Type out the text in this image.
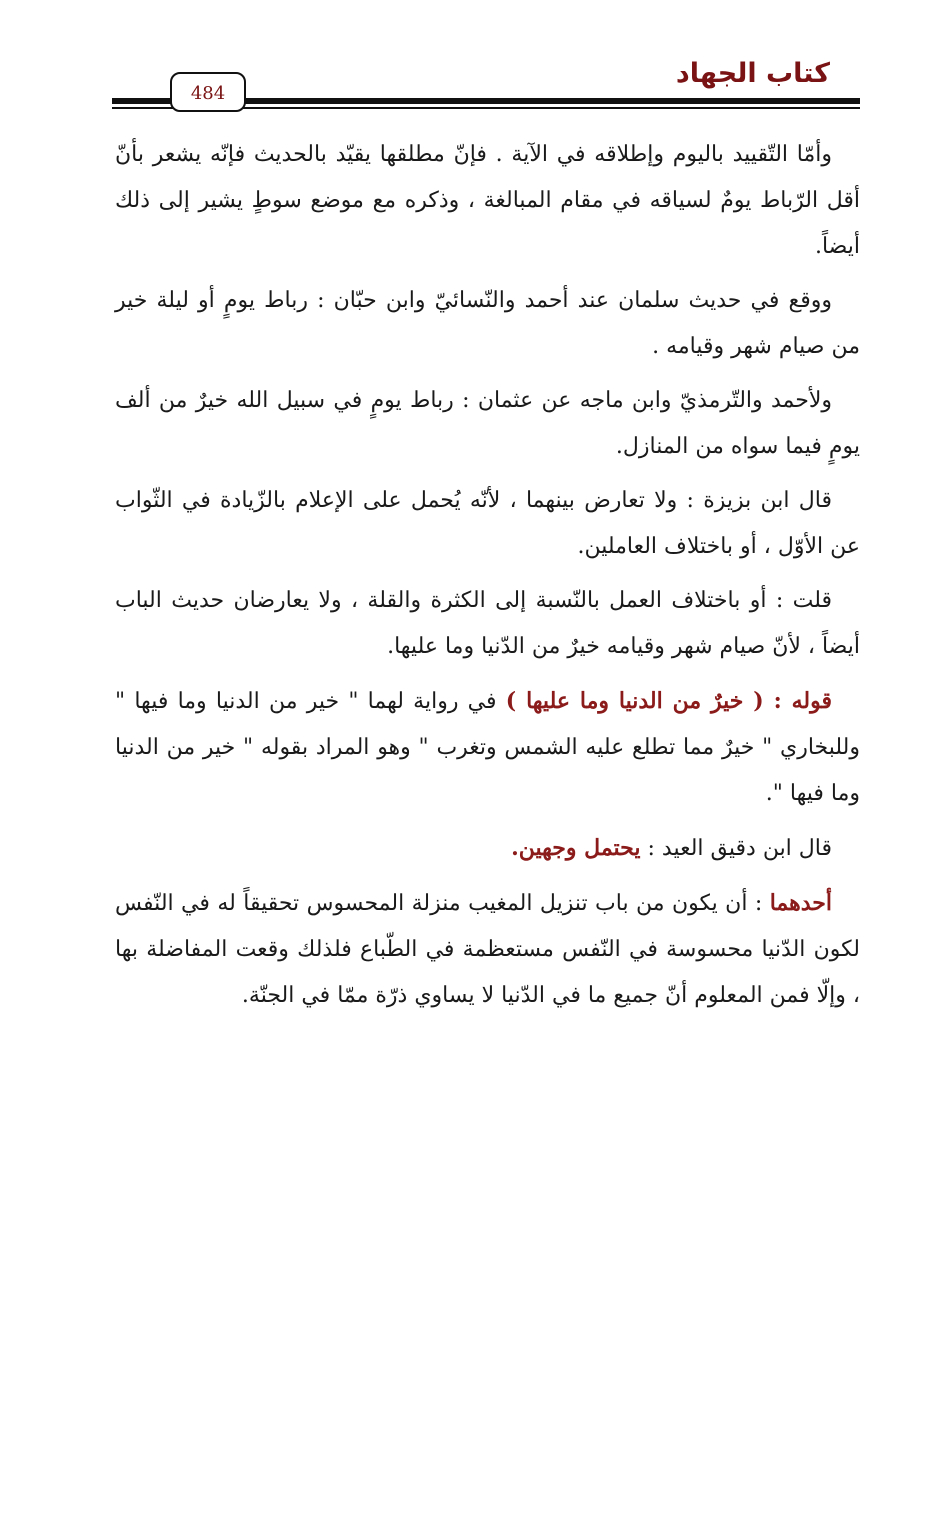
كتاب الجهاد
484

وأمّا التّقييد باليوم وإطلاقه في الآية . فإنّ مطلقها يقيّد بالحديث فإنّه يشعر بأنّ أقل الرّباط يومٌ لسياقه في مقام المبالغة ، وذكره مع موضع سوطٍ يشير إلى ذلك أيضاً.

ووقع في حديث سلمان عند أحمد والنّسائيّ وابن حبّان : رباط يومٍ أو ليلة خير من صيام شهر وقيامه .

ولأحمد والتّرمذيّ وابن ماجه عن عثمان : رباط يومٍ في سبيل الله خيرٌ من ألف يومٍ فيما سواه من المنازل.

قال ابن بزيزة : ولا تعارض بينهما ، لأنّه يُحمل على الإعلام بالزّيادة في الثّواب عن الأوّل ، أو باختلاف العاملين.

قلت : أو باختلاف العمل بالنّسبة إلى الكثرة والقلة ، ولا يعارضان حديث الباب أيضاً ، لأنّ صيام شهر وقيامه خيرٌ من الدّنيا وما عليها.

قوله : ( خيرٌ من الدنيا وما عليها ) في رواية لهما " خير من الدنيا وما فيها " وللبخاري " خيرٌ مما تطلع عليه الشمس وتغرب " وهو المراد بقوله " خير من الدنيا وما فيها ".

قال ابن دقيق العيد : يحتمل وجهين.

أحدهما : أن يكون من باب تنزيل المغيب منزلة المحسوس تحقيقاً له في النّفس لكون الدّنيا محسوسة في النّفس مستعظمة في الطّباع فلذلك وقعت المفاضلة بها ، وإلّا فمن المعلوم أنّ جميع ما في الدّنيا لا يساوي ذرّة ممّا في الجنّة.
